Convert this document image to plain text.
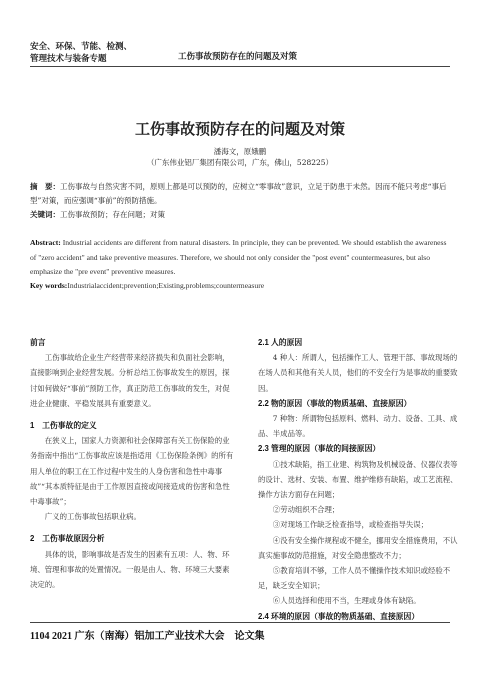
安全、环保、节能、检测、
管理技术与装备专题	工伤事故预防存在的问题及对策
工伤事故预防存在的问题及对策
潘海文，原娥鹏
（广东伟业铝厂集团有限公司，广东，佛山，528225）
摘　要：工伤事故与自然灾害不同，原则上都是可以预防的，应树立“零事故”意识，立足于防患于未然。因而不能只考虑“事后型”对策，而应强调“事前”的预防措施。
关键词：工伤事故预防；存在问题；对策
Abstract: Industrial accidents are different from natural disasters. In principle, they can be prevented. We should establish the awareness of "zero accident" and take preventive measures. Therefore, we should not only consider the "post event" countermeasures, but also emphasize the "pre event" preventive measures.
Key words:Industrialaccident;prevention;Existing,problems;countermeasure

前言

工伤事故给企业生产经营带来经济损失和负面社会影响，直接影响到企业经营发展。分析总结工伤事故发生的原因，探讨如何做好“事前”预防工作，真正防范工伤事故的发生，对促进企业健康、平稳发展具有重要意义。

1　工伤事故的定义

在狭义上，国家人力资源和社会保障部有关工伤保险的业务指南中指出“工伤事故应该是指适用《工伤保险条例》的所有用人单位的职工在工作过程中发生的人身伤害和急性中毒事故”“其本质特征是由于工作原因直接或间接造成的伤害和急性中毒事故”；

广义的工伤事故包括职业病。

2　工伤事故原因分析

具体的说，影响事故是否发生的因素有五项：人、物、环境、管理和事故的处置情况。一般是由人、物、环境三大要素决定的。

2.1 人的原因

4 种人：所谓人，包括操作工人、管理干部、事故现场的在场人员和其他有关人员，他们的不安全行为是事故的重要致因。

2.2 物的原因（事故的物质基础、直接原因）

7 种物：所谓物包括原料、燃料、动力、设备、工具、成品、半成品等。

2.3 管理的原因（事故的间接原因）

①技术缺陷，指工业建、构筑物及机械设备、仪器仪表等的设计、选材、安装、布置、维护维修有缺陷，或工艺流程、操作方法方面存在问题；

②劳动组织不合理；

③对现场工作缺乏检查指导，或检查指导失误；

④没有安全操作规程或不健全，挪用安全措施费用，不认真实施事故防范措施，对安全隐患整改不力；

⑤教育培训不够，工作人员不懂操作技术知识或经验不足，缺乏安全知识；

⑥人员选择和使用不当，生理或身体有缺陷。

2.4 环境的原因（事故的物质基础、直接原因）

1104 2021 广东（南海）铝加工产业技术大会　论文集
